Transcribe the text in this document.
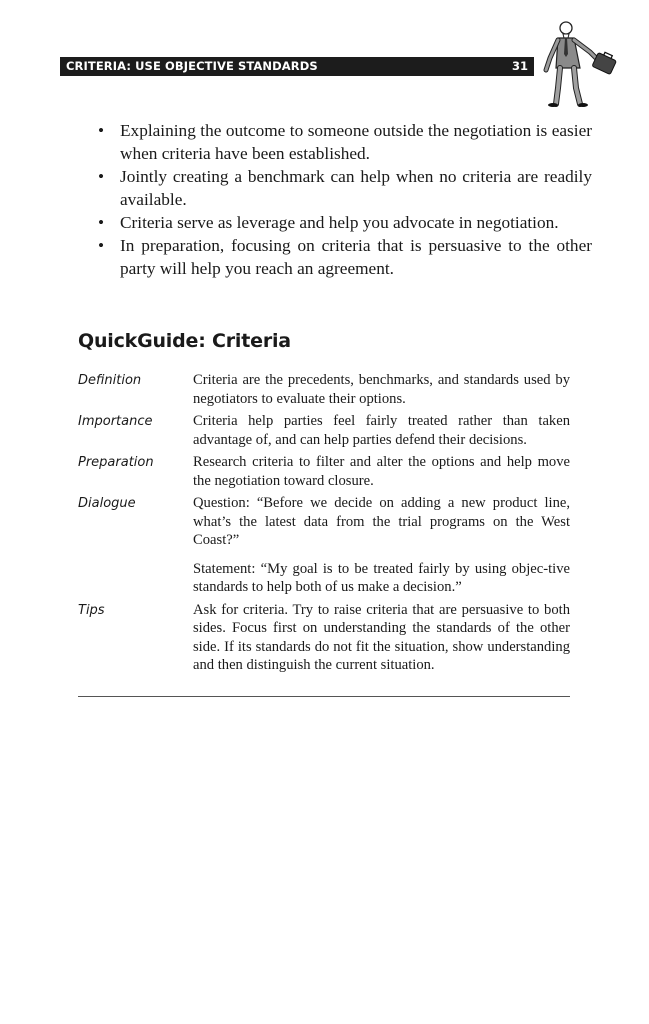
CRITERIA: USE OBJECTIVE STANDARDS	31
• Explaining the outcome to someone outside the negotiation is easier when criteria have been established.
• Jointly creating a benchmark can help when no criteria are readily available.
• Criteria serve as leverage and help you advocate in negotiation.
• In preparation, focusing on criteria that is persuasive to the other party will help you reach an agreement.
QuickGuide: Criteria
Definition	Criteria are the precedents, benchmarks, and standards used by negotiators to evaluate their options.

Importance	Criteria help parties feel fairly treated rather than taken advantage of, and can help parties defend their decisions.

Preparation	Research criteria to filter and alter the options and help move the negotiation toward closure.

Dialogue	Question: “Before we decide on adding a new product line, what’s the latest data from the trial programs on the West Coast?”

Statement: “My goal is to be treated fairly by using objec-tive standards to help both of us make a decision.”

Tips	Ask for criteria. Try to raise criteria that are persuasive to both sides. Focus first on understanding the standards of the other side. If its standards do not fit the situation, show understanding and then distinguish the current situation.
